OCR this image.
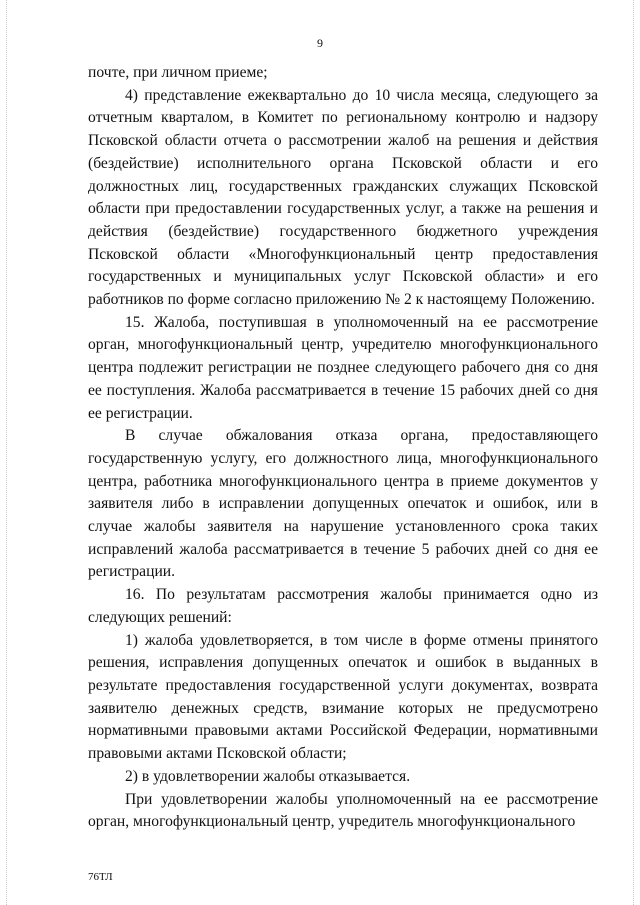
9

почте, при личном приеме;

4) представление ежеквартально до 10 числа месяца, следующего за отчетным кварталом, в Комитет по региональному контролю и надзору Псковской области отчета о рассмотрении жалоб на решения и действия (бездействие) исполнительного органа Псковской области и его должностных лиц, государственных гражданских служащих Псковской области при предоставлении государственных услуг, а также на решения и действия (бездействие) государственного бюджетного учреждения Псковской области «Многофункциональный центр предоставления государственных и муниципальных услуг Псковской области» и его работников по форме согласно приложению № 2 к настоящему Положению.

15. Жалоба, поступившая в уполномоченный на ее рассмотрение орган, многофункциональный центр, учредителю многофункционального центра подлежит регистрации не позднее следующего рабочего дня со дня ее поступления. Жалоба рассматривается в течение 15 рабочих дней со дня ее регистрации.

В случае обжалования отказа органа, предоставляющего государственную услугу, его должностного лица, многофункционального центра, работника многофункционального центра в приеме документов у заявителя либо в исправлении допущенных опечаток и ошибок, или в случае жалобы заявителя на нарушение установленного срока таких исправлений жалоба рассматривается в течение 5 рабочих дней со дня ее регистрации.

16. По результатам рассмотрения жалобы принимается одно из следующих решений:

1) жалоба удовлетворяется, в том числе в форме отмены принятого решения, исправления допущенных опечаток и ошибок в выданных в результате предоставления государственной услуги документах, возврата заявителю денежных средств, взимание которых не предусмотрено нормативными правовыми актами Российской Федерации, нормативными правовыми актами Псковской области;

2) в удовлетворении жалобы отказывается.

При удовлетворении жалобы уполномоченный на ее рассмотрение орган, многофункциональный центр, учредитель многофункционального

76ТЛ
